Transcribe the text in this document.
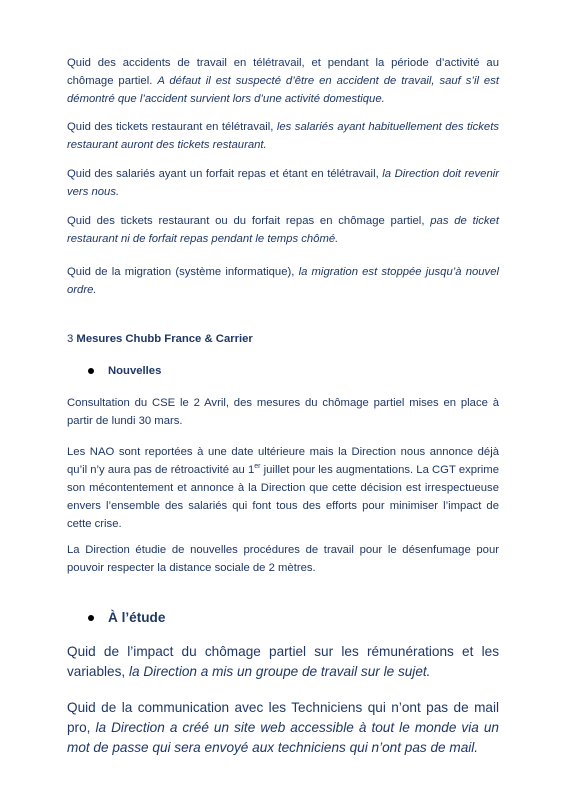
Quid des accidents de travail en télétravail, et pendant la période d’activité au chômage partiel. A défaut il est suspecté d’être en accident de travail, sauf s’il est démontré que l’accident survient lors d’une activité domestique.

Quid des tickets restaurant en télétravail, les salariés ayant habituellement des tickets restaurant auront des tickets restaurant.

Quid des salariés ayant un forfait repas et étant en télétravail, la Direction doit revenir vers nous.

Quid des tickets restaurant ou du forfait repas en chômage partiel, pas de ticket restaurant ni de forfait repas pendant le temps chômé.

Quid de la migration (système informatique), la migration est stoppée jusqu’à nouvel ordre.

3 Mesures Chubb France & Carrier

Nouvelles

Consultation du CSE le 2 Avril, des mesures du chômage partiel mises en place à partir de lundi 30 mars.

Les NAO sont reportées à une date ultérieure mais la Direction nous annonce déjà qu’il n’y aura pas de rétroactivité au 1er juillet pour les augmentations. La CGT exprime son mécontentement et annonce à la Direction que cette décision est irrespectueuse envers l’ensemble des salariés qui font tous des efforts pour minimiser l’impact de cette crise.

La Direction étudie de nouvelles procédures de travail pour le désenfumage pour pouvoir respecter la distance sociale de 2 mètres.

À l’étude

Quid de l’impact du chômage partiel sur les rémunérations et les variables, la Direction a mis un groupe de travail sur le sujet.

Quid de la communication avec les Techniciens qui n’ont pas de mail pro, la Direction a créé un site web accessible à tout le monde via un mot de passe qui sera envoyé aux techniciens qui n’ont pas de mail.
